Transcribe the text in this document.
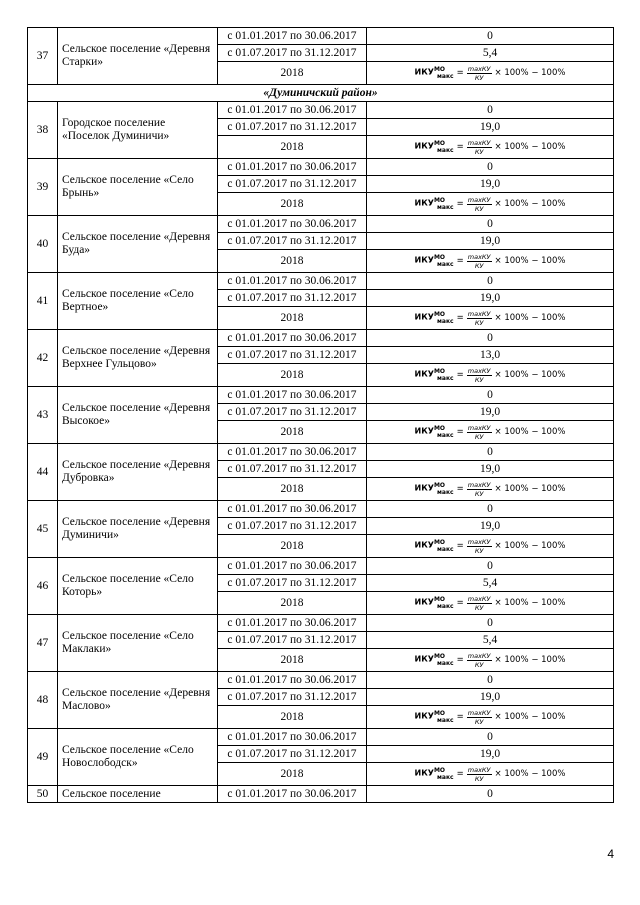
37	Сельское поселение «Деревня Старки»	с 01.01.2017 по 30.06.2017	0
		с 01.07.2017 по 31.12.2017	5,4
		2018	$ИКУ^{МО}_{макс} = \frac{\max КУ}{КУ} \times 100\% - 100\%$

«Думиничский район»			
38	Городское поселение «Поселок Думиничи»	с 01.01.2017 по 30.06.2017	0
		с 01.07.2017 по 31.12.2017	19,0
		2018	$ИКУ^{МО}_{макс} = \frac{\max КУ}{КУ} \times 100\% - 100\%$

39	Сельское поселение «Село Брынь»	с 01.01.2017 по 30.06.2017	0
		с 01.07.2017 по 31.12.2017	19,0
		2018	$ИКУ^{МО}_{макс} = \frac{\max КУ}{КУ} \times 100\% - 100\%$

40	Сельское поселение «Деревня Буда»	с 01.01.2017 по 30.06.2017	0
		с 01.07.2017 по 31.12.2017	19,0
		2018	$ИКУ^{МО}_{макс} = \frac{\max КУ}{КУ} \times 100\% - 100\%$

41	Сельское поселение «Село Вертное»	с 01.01.2017 по 30.06.2017	0
		с 01.07.2017 по 31.12.2017	19,0
		2018	$ИКУ^{МО}_{макс} = \frac{\max КУ}{КУ} \times 100\% - 100\%$

42	Сельское поселение «Деревня Верхнее Гульцово»	с 01.01.2017 по 30.06.2017	0
		с 01.07.2017 по 31.12.2017	13,0
		2018	$ИКУ^{МО}_{макс} = \frac{\max КУ}{КУ} \times 100\% - 100\%$

43	Сельское поселение «Деревня Высокое»	с 01.01.2017 по 30.06.2017	0
		с 01.07.2017 по 31.12.2017	19,0
		2018	$ИКУ^{МО}_{макс} = \frac{\max КУ}{КУ} \times 100\% - 100\%$

44	Сельское поселение «Деревня Дубровка»	с 01.01.2017 по 30.06.2017	0
		с 01.07.2017 по 31.12.2017	19,0
		2018	$ИКУ^{МО}_{макс} = \frac{\max КУ}{КУ} \times 100\% - 100\%$

45	Сельское поселение «Деревня Думиничи»	с 01.01.2017 по 30.06.2017	0
		с 01.07.2017 по 31.12.2017	19,0
		2018	$ИКУ^{МО}_{макс} = \frac{\max КУ}{КУ} \times 100\% - 100\%$

46	Сельское поселение «Село Которь»	с 01.01.2017 по 30.06.2017	0
		с 01.07.2017 по 31.12.2017	5,4
		2018	$ИКУ^{МО}_{макс} = \frac{\max КУ}{КУ} \times 100\% - 100\%$

47	Сельское поселение «Село Маклаки»	с 01.01.2017 по 30.06.2017	0
		с 01.07.2017 по 31.12.2017	5,4
		2018	$ИКУ^{МО}_{макс} = \frac{\max КУ}{КУ} \times 100\% - 100\%$

48	Сельское поселение «Деревня Маслово»	с 01.01.2017 по 30.06.2017	0
		с 01.07.2017 по 31.12.2017	19,0
		2018	$ИКУ^{МО}_{макс} = \frac{\max КУ}{КУ} \times 100\% - 100\%$

49	Сельское поселение «Село Новослободск»	с 01.01.2017 по 30.06.2017	0
		с 01.07.2017 по 31.12.2017	19,0
		2018	$ИКУ^{МО}_{макс} = \frac{\max КУ}{КУ} \times 100\% - 100\%$

50	Сельское поселение	с 01.01.2017 по 30.06.2017	0
4
